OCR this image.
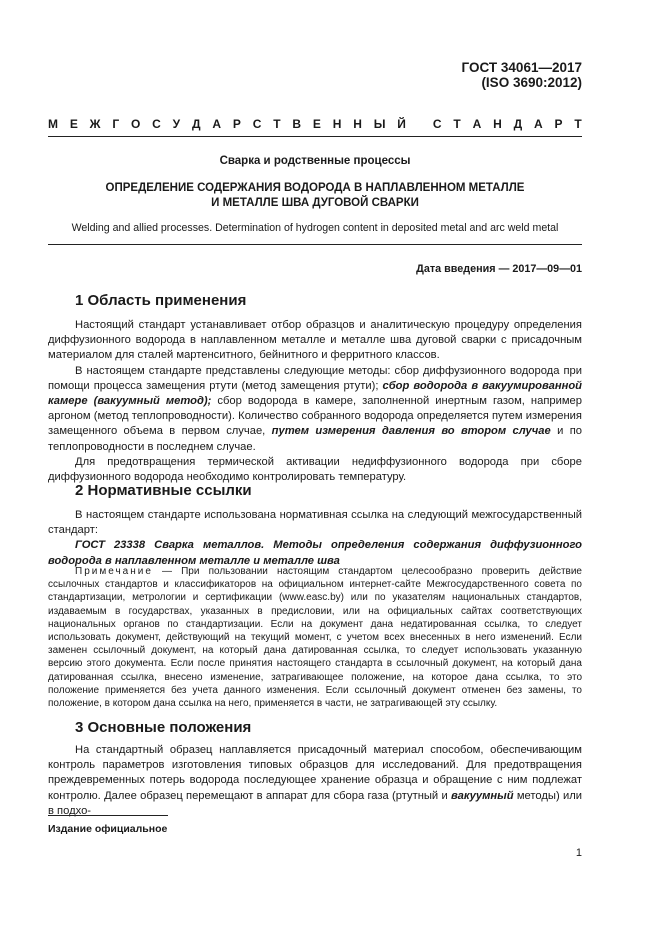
ГОСТ 34061—2017
(ISO 3690:2012)
М Е Ж Г О С У Д А Р С Т В Е Н Н Ы Й
С Т А Н Д А Р Т
Сварка и родственные процессы
ОПРЕДЕЛЕНИЕ СОДЕРЖАНИЯ ВОДОРОДА В НАПЛАВЛЕННОМ МЕТАЛЛЕ
И МЕТАЛЛЕ ШВА ДУГОВОЙ СВАРКИ
Welding and allied processes. Determination of hydrogen content in deposited metal and arc weld metal
Дата введения — 2017—09—01
1 Область применения
Настоящий стандарт устанавливает отбор образцов и аналитическую процедуру определения диффузионного водорода в наплавленном металле и металле шва дуговой сварки с присадочным материалом для сталей мартенситного, бейнитного и ферритного классов.
В настоящем стандарте представлены следующие методы: сбор диффузионного водорода при помощи процесса замещения ртути (метод замещения ртути); сбор водорода в вакуумированной камере (вакуумный метод); сбор водорода в камере, заполненной инертным газом, например аргоном (метод теплопроводности). Количество собранного водорода определяется путем измерения замещенного объема в первом случае, путем измерения давления во втором случае и по теплопроводности в последнем случае.
Для предотвращения термической активации недиффузионного водорода при сборе диффузионного водорода необходимо контролировать температуру.
2 Нормативные ссылки
В настоящем стандарте использована нормативная ссылка на следующий межгосударственный стандарт:
ГОСТ 23338 Сварка металлов. Методы определения содержания диффузионного водорода в наплавленном металле и металле шва
Примечание — При пользовании настоящим стандартом целесообразно проверить действие ссылочных стандартов и классификаторов на официальном интернет-сайте Межгосударственного совета по стандартизации, метрологии и сертификации (www.easc.by) или по указателям национальных стандартов, издаваемым в государствах, указанных в предисловии, или на официальных сайтах соответствующих национальных органов по стандартизации. Если на документ дана недатированная ссылка, то следует использовать документ, действующий на текущий момент, с учетом всех внесенных в него изменений. Если заменен ссылочный документ, на который дана датированная ссылка, то следует использовать указанную версию этого документа. Если после принятия настоящего стандарта в ссылочный документ, на который дана датированная ссылка, внесено изменение, затрагивающее положение, на которое дана ссылка, то это положение применяется без учета данного изменения. Если ссылочный документ отменен без замены, то положение, в котором дана ссылка на него, применяется в части, не затрагивающей эту ссылку.
3 Основные положения
На стандартный образец наплавляется присадочный материал способом, обеспечивающим контроль параметров изготовления типовых образцов для исследований. Для предотвращения преждевременных потерь водорода последующее хранение образца и обращение с ним подлежат контролю. Далее образец перемещают в аппарат для сбора газа (ртутный и вакуумный методы) или в подхо-
Издание официальное
1
